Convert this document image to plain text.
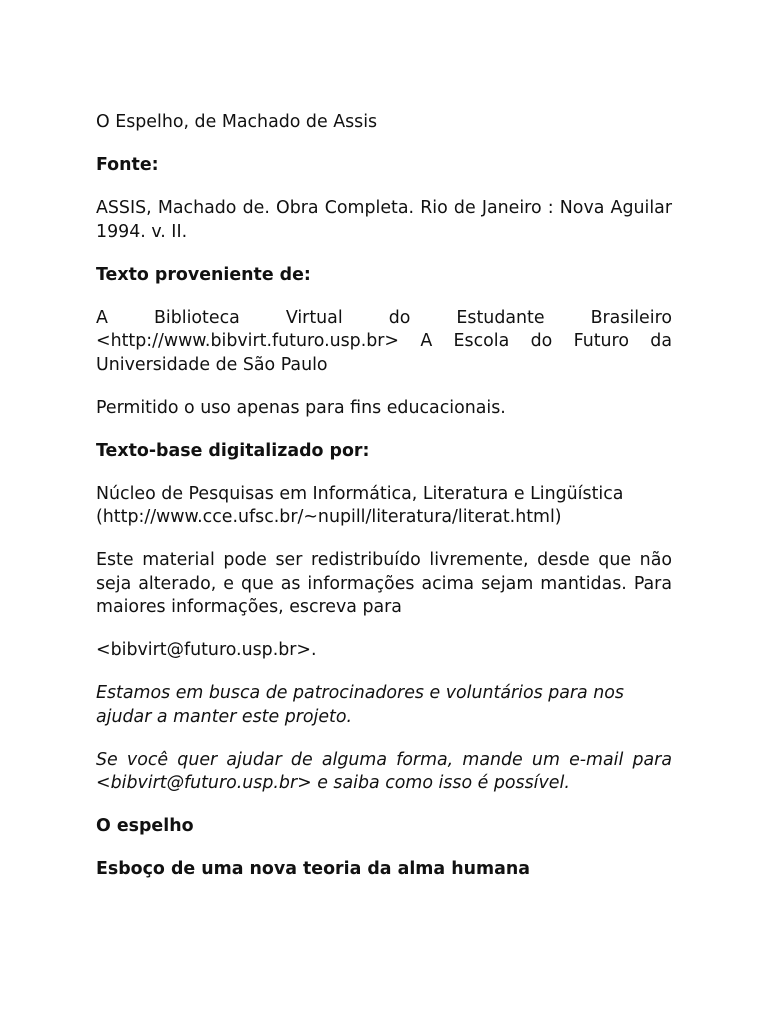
O Espelho, de Machado de Assis

Fonte:

ASSIS, Machado de. Obra Completa. Rio de Janeiro : Nova Aguilar 1994. v. II.

Texto proveniente de:

A Biblioteca Virtual do Estudante Brasileiro <http://www.bibvirt.futuro.usp.br> A Escola do Futuro da Universidade de São Paulo

Permitido o uso apenas para fins educacionais.

Texto-base digitalizado por:

Núcleo de Pesquisas em Informática, Literatura e Lingüística (http://www.cce.ufsc.br/~nupill/literatura/literat.html)

Este material pode ser redistribuído livremente, desde que não seja alterado, e que as informações acima sejam mantidas. Para maiores informações, escreva para

<bibvirt@futuro.usp.br>.

Estamos em busca de patrocinadores e voluntários para nos ajudar a manter este projeto.

Se você quer ajudar de alguma forma, mande um e-mail para <bibvirt@futuro.usp.br> e saiba como isso é possível.

O espelho

Esboço de uma nova teoria da alma humana
